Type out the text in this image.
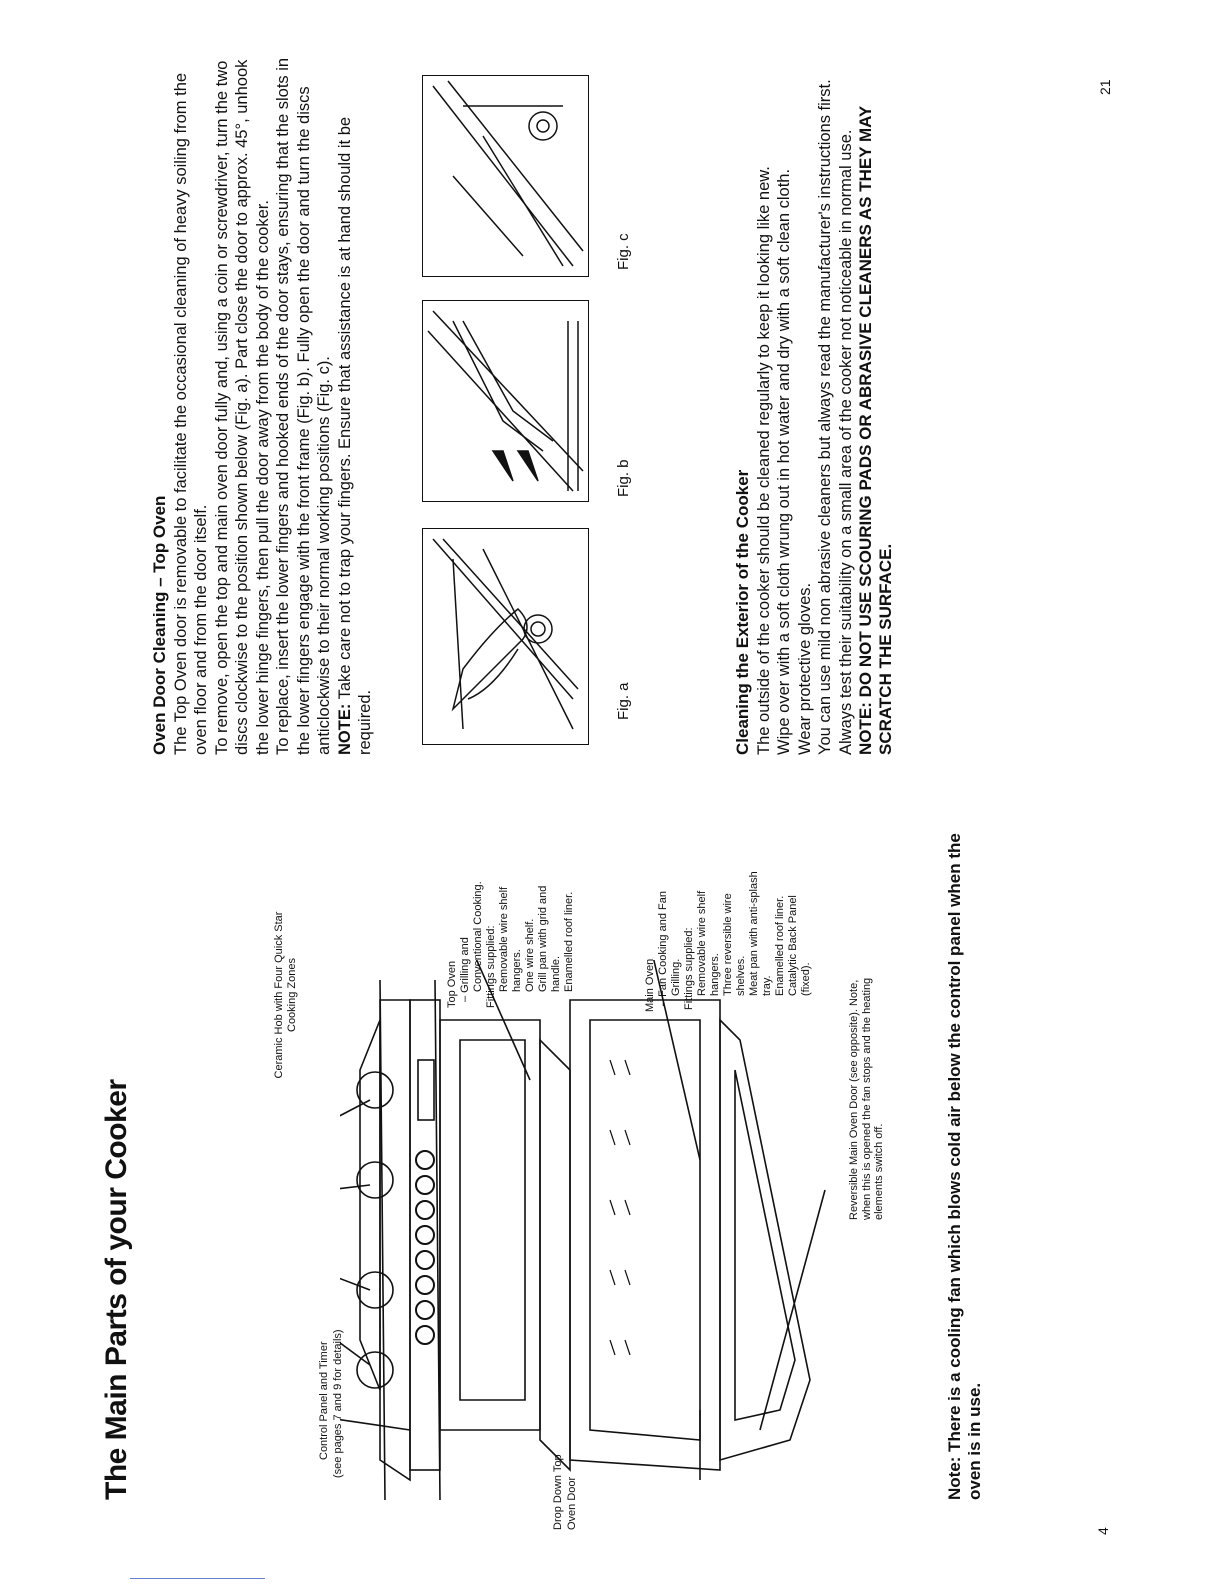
The Main Parts of your Cooker
Ceramic Hob with Four Quick Star Cooking Zones
Control Panel and Timer (see pages 7 and 9 for details)
Drop Down Top Oven Door
Reversible Main Oven Door (see opposite). Note, when this is opened the fan stops and the heating elements switch off.
Top Oven – Grilling and Conventional Cooking. Fittings supplied: Removable wire shelf hangers. One wire shelf. Grill pan with grid and handle. Enamelled roof liner.	Main Oven – Fan Cooking and Fan Grilling. Fittings supplied: Removable wire shelf hangers. Three reversible wire shelves. Meat pan with anti-splash tray. Enamelled roof liner. Catalytic Back Panel (fixed).	Note: There is a cooling fan which blows cold air below the control panel when the oven is in use.
4
Oven Door Cleaning – Top Oven The Top Oven door is removable to facilitate the occasional cleaning of heavy soiling from the oven floor and from the door itself. To remove, open the top and main oven door fully and, using a coin or screwdriver, turn the two discs clockwise to the position shown below (Fig. a). Part close the door to approx. 45°, unhook the lower hinge fingers, then pull the door away from the body of the cooker. To replace, insert the lower fingers and hooked ends of the door stays, ensuring that the slots in the lower fingers engage with the front frame (Fig. b). Fully open the door and turn the discs anticlockwise to their normal working positions (Fig. c). NOTE: Take care not to trap your fingers. Ensure that assistance is at hand should it be required.	Fig. a
Fig. b
Fig. c
Cleaning the Exterior of the Cooker The outside of the cooker should be cleaned regularly to keep it looking like new. Wipe over with a soft cloth wrung out in hot water and dry with a soft clean cloth. Wear protective gloves. You can use mild non abrasive cleaners but always read the manufacturer's instructions first. Always test their suitability on a small area of the cooker not noticeable in normal use. NOTE: DO NOT USE SCOURING PADS OR ABRASIVE CLEANERS AS THEY MAY SCRATCH THE SURFACE.

21
